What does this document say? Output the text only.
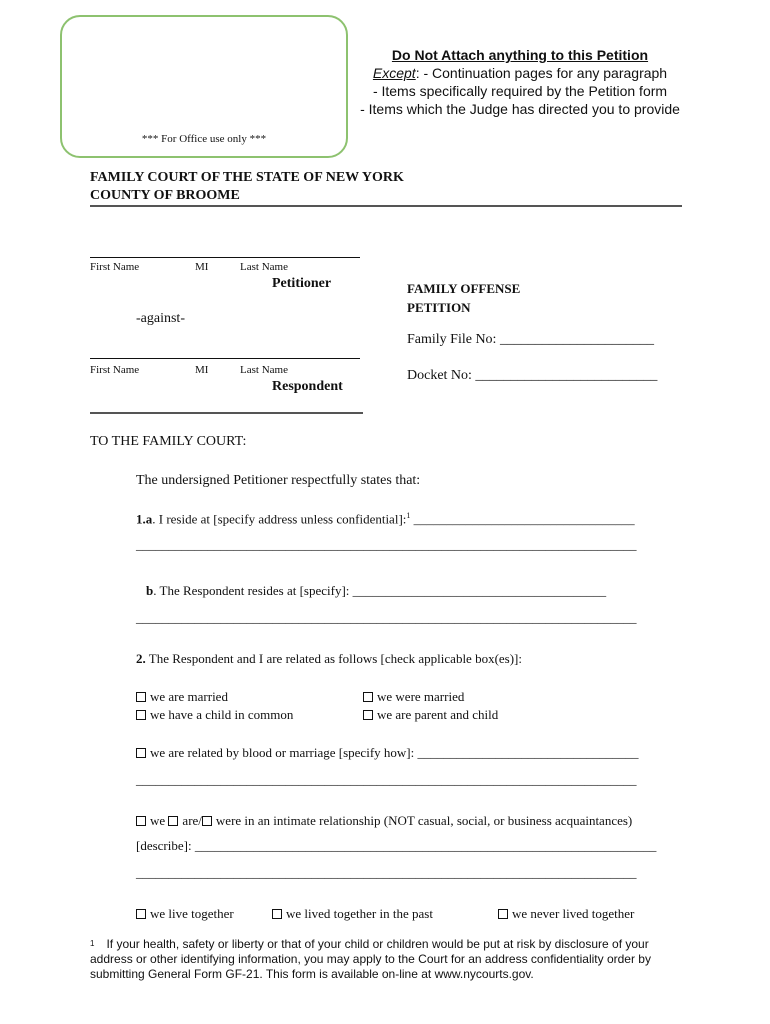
*** For Office use only ***
Do Not Attach anything to this Petition
Except: - Continuation pages for any paragraph
- Items specifically required by the Petition form
- Items which the Judge has directed you to provide
FAMILY COURT OF THE STATE OF NEW YORK
COUNTY OF BROOME
First Name	MI	Last Name
Petitioner
-against-
First Name	MI	Last Name
Respondent
FAMILY OFFENSE
PETITION
Family File No: ______________________
Docket No: __________________________
TO THE FAMILY COURT:
The undersigned Petitioner respectfully states that:
1.a. I reside at [specify address unless confidential]:$^1$ __________________________________
_____________________________________________________________________________
b. The Respondent resides at [specify]: _______________________________________
_____________________________________________________________________________
2. The Respondent and I are related as follows [check applicable box(es)]:
we are married	we were married
we have a child in common	we are parent and child
we are related by blood or marriage [specify how]: __________________________________
_____________________________________________________________________________
we are/ were in an intimate relationship (NOT casual, social, or business acquaintances)
[describe]: _______________________________________________________________________
_____________________________________________________________________________
we live together	we lived together in the past	we never lived together
1 If your health, safety or liberty or that of your child or children would be put at risk by disclosure of your address or other identifying information, you may apply to the Court for an address confidentiality order by submitting General Form GF-21. This form is available on-line at www.nycourts.gov.
